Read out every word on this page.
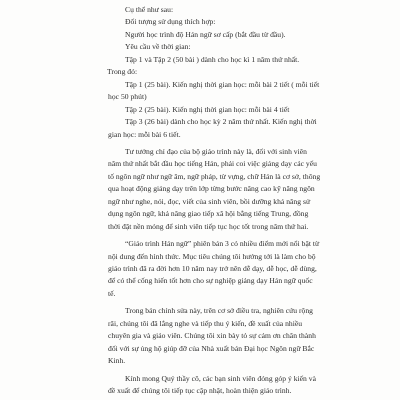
Cụ thể như sau:
Đối tượng sử dụng thích hợp:
Người học trình độ Hán ngữ sơ cấp (bắt đầu từ đầu).
Yêu cầu về thời gian:
Tập 1 và Tập 2 (50 bài ) dành cho học kì 1 năm thứ nhất.
Trong đó:
Tập 1 (25 bài). Kiến nghị thời gian học: mỗi bài 2 tiết ( mỗi tiết
học 50 phút)
Tập 2 (25 bài). Kiến nghị thời gian học: mỗi bài 4 tiết
Tập 3 (26 bài) dành cho học kỳ 2 năm thứ nhất. Kiến nghị thời
gian học: mỗi bài 6 tiết.
Tư tưởng chỉ đạo của bộ giáo trình này là, đối với sinh viên
năm thứ nhất bắt đầu học tiếng Hán, phải coi việc giảng dạy các yếu
tố ngôn ngữ như ngữ âm, ngữ pháp, từ vựng, chữ Hán là cơ sở, thông
qua hoạt động giảng dạy trên lớp từng bước nâng cao kỹ năng ngôn
ngữ như nghe, nói, đọc, viết của sinh viên, bồi dưỡng khả năng sử
dụng ngôn ngữ, khả năng giao tiếp xã hội bằng tiếng Trung, đồng
thời đặt nền móng để sinh viên tiếp tục học tốt trong năm thứ hai.
“Giáo trình Hán ngữ” phiên bản 3 có nhiều điểm mới nổi bật từ
nội dung đến hình thức. Mục tiêu chúng tôi hướng tới là làm cho bộ
giáo trình đã ra đời hơn 10 năm nay trở nên dễ dạy, dễ học, dễ dùng,
để có thể cống hiến tốt hơn cho sự nghiệp giảng dạy Hán ngữ quốc
tế.
Trong bản chỉnh sửa này, trên cơ sở điều tra, nghiên cứu rộng
rãi, chúng tôi đã lắng nghe và tiếp thu ý kiến, đề xuất của nhiều
chuyên gia và giáo viên. Chúng tôi xin bày tỏ sự cảm ơn chân thành
đối với sự ủng hộ giúp đỡ của Nhà xuất bản Đại học Ngôn ngữ Bắc
Kinh.
Kính mong Quý thầy cô, các bạn sinh viên đóng góp ý kiến và
đề xuất để chúng tôi tiếp tục cập nhật, hoàn thiện giáo trình.
